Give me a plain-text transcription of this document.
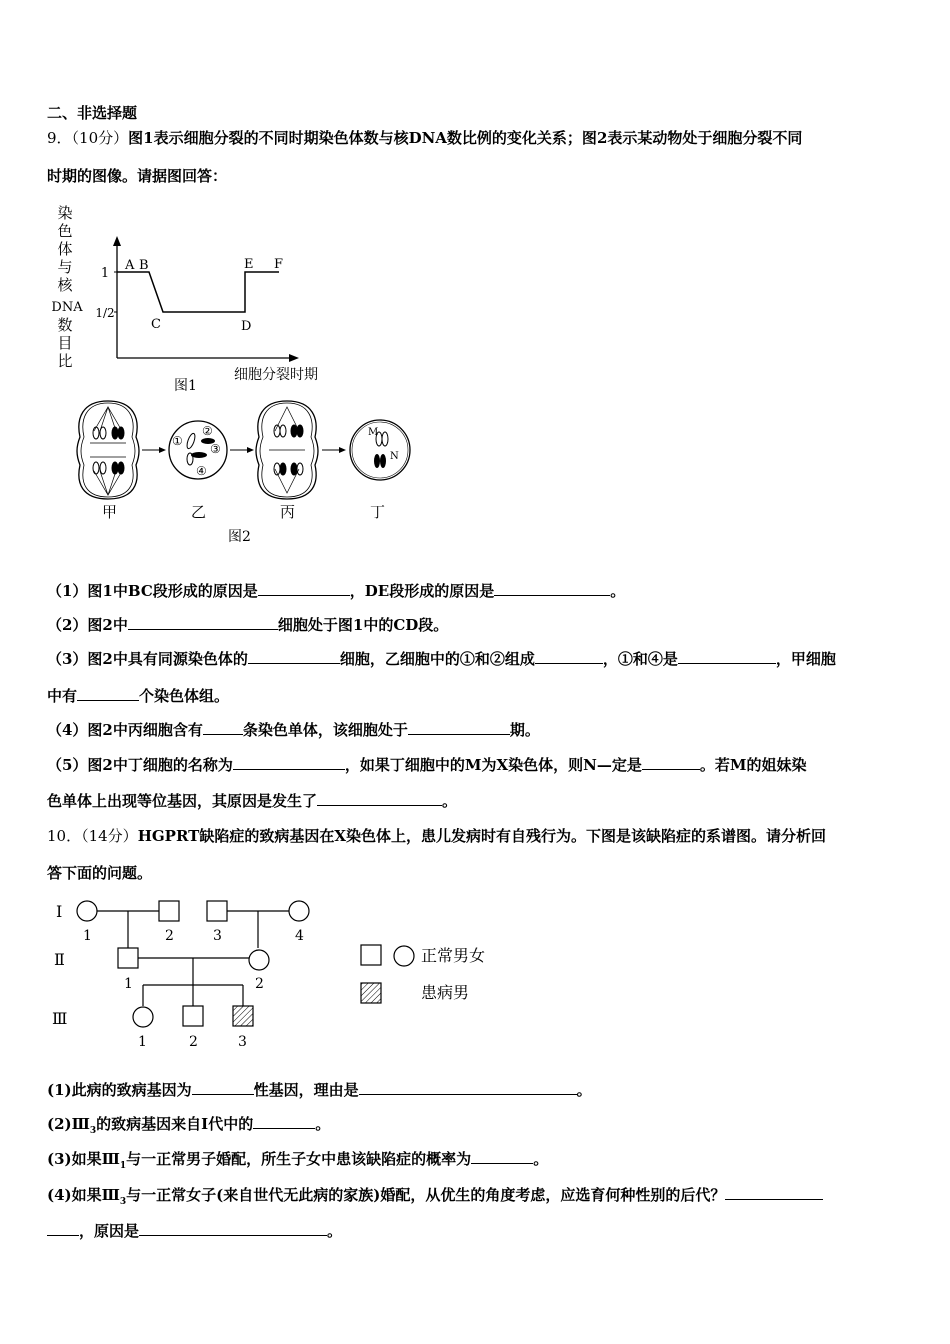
二、非选择题
9．（10分）图1表示细胞分裂的不同时期染色体数与核DNA数比例的变化关系；图2表示某动物处于细胞分裂不同
时期的图像。请据图回答：
染
色
体
与
核
DNA
数
目
比
1
1/2
A B
C	D
E F
细胞分裂时期
图1
①
②
③
④
M
N
甲	乙	丙	丁
图2
（1）图1中BC段形成的原因是	，DE段形成的原因是	。
（2）图2中	细胞处于图1中的CD段。
（3）图2中具有同源染色体的	细胞，乙细胞中的①和②组成	，①和④是	，甲细胞
中有	个染色体组。
（4）图2中丙细胞含有	条染色单体，该细胞处于	期。
（5）图2中丁细胞的名称为	，如果丁细胞中的M为X染色体，则N—定是	。若M的姐妹染
色单体上出现等位基因，其原因是发生了	。
10．（14分）HGPRT缺陷症的致病基因在X染色体上，患儿发病时有自残行为。下图是该缺陷症的系谱图。请分析回
答下面的问题。
Ⅰ
Ⅱ
Ⅲ
1	2	3	4
1	2
1	2	3
正常男女
患病男
(1)此病的致病基因为	性基因，理由是	。
$(2)Ⅲ_3$的致病基因来自Ⅰ代中的	。
(3)如果$Ⅲ_1$与一正常男子婚配，所生子女中患该缺陷症的概率为	。
(4)如果$Ⅲ_3$与一正常女子(来自世代无此病的家族)婚配，从优生的角度考虑，应选育何种性别的后代？
，原因是	。
